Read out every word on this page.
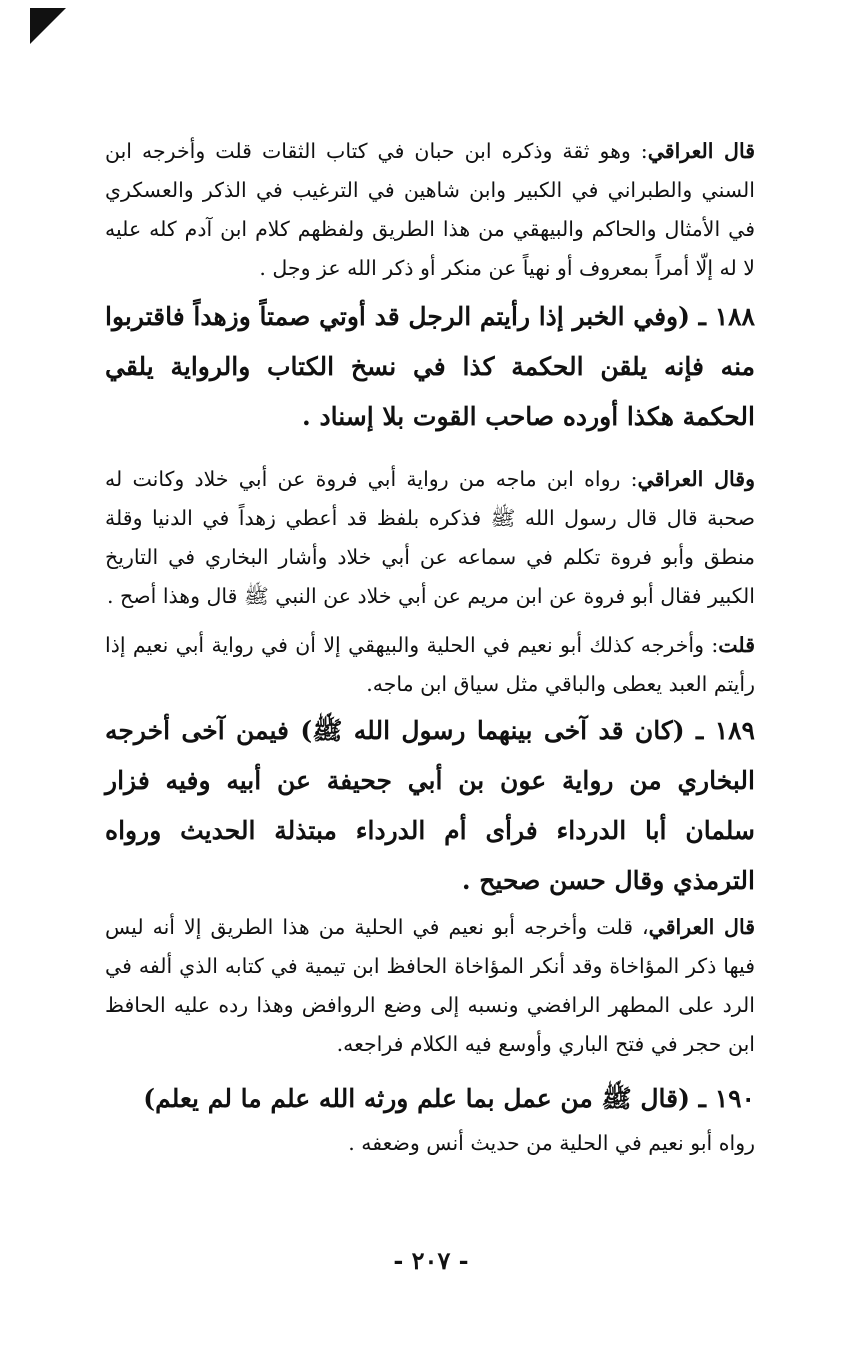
قال العراقي: وهو ثقة وذكره ابن حبان في كتاب الثقات قلت وأخرجه ابن السني والطبراني في الكبير وابن شاهين في الترغيب في الذكر والعسكري في الأمثال والحاكم والبيهقي من هذا الطريق ولفظهم كلام ابن آدم كله عليه لا له إلّا أمراً بمعروف أو نهياً عن منكر أو ذكر الله عز وجل .

١٨٨ ـ (وفي الخبر إذا رأيتم الرجل قد أوتي صمتاً وزهداً فاقتربوا منه فإنه يلقن الحكمة كذا في نسخ الكتاب والرواية يلقي الحكمة هكذا أورده صاحب القوت بلا إسناد .

وقال العراقي: رواه ابن ماجه من رواية أبي فروة عن أبي خلاد وكانت له صحبة قال قال رسول الله ﷺ فذكره بلفظ قد أعطي زهداً في الدنيا وقلة منطق وأبو فروة تكلم في سماعه عن أبي خلاد وأشار البخاري في التاريخ الكبير فقال أبو فروة عن ابن مريم عن أبي خلاد عن النبي ﷺ قال وهذا أصح .

قلت: وأخرجه كذلك أبو نعيم في الحلية والبيهقي إلا أن في رواية أبي نعيم إذا رأيتم العبد يعطى والباقي مثل سياق ابن ماجه.

١٨٩ ـ (كان قد آخى بينهما رسول الله ﷺ) فيمن آخى أخرجه البخاري من رواية عون بن أبي جحيفة عن أبيه وفيه فزار سلمان أبا الدرداء فرأى أم الدرداء مبتذلة الحديث ورواه الترمذي وقال حسن صحيح .

قال العراقي، قلت وأخرجه أبو نعيم في الحلية من هذا الطريق إلا أنه ليس فيها ذكر المؤاخاة وقد أنكر المؤاخاة الحافظ ابن تيمية في كتابه الذي ألفه في الرد على المطهر الرافضي ونسبه إلى وضع الروافض وهذا رده عليه الحافظ ابن حجر في فتح الباري وأوسع فيه الكلام فراجعه.

١٩٠ ـ (قال ﷺ من عمل بما علم ورثه الله علم ما لم يعلم)

رواه أبو نعيم في الحلية من حديث أنس وضعفه .

- ٢٠٧ -
